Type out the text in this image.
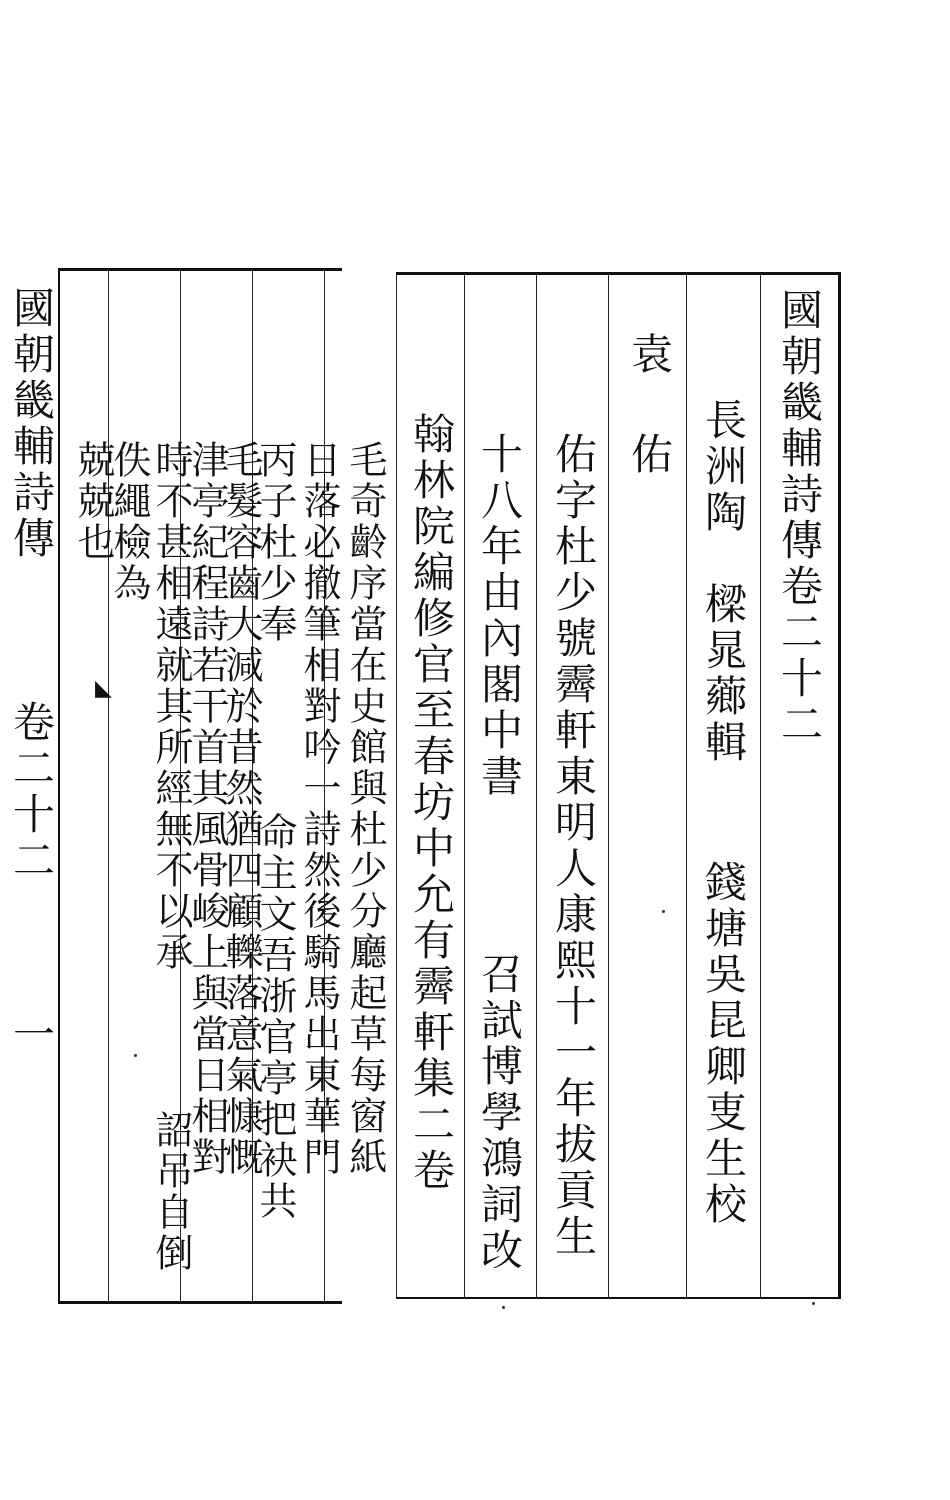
國朝畿輔詩傳卷二十二
長洲陶　樑晁薌輯
錢塘吳昆卿叓生校
袁
佑
佑字杜少號霽軒東明人康熙十一年拔貢生
十八年由內閣中書
召試博學鴻詞改
翰林院編修官至春坊中允有霽軒集二卷
毛奇齡序當在史館與杜少分廳起草每窗紙
日落必撤筆相對吟一詩然後騎馬出東華門
丙子杜少奉
命主文吾浙官亭把袂共
毛髮容齒大減於昔然猶四顧轢落意氣慷慨
津亭紀程詩若干首其風骨峻上與當日相對
時不甚相遠就其所經無不以承
詔吊自倒
佚繩檢為
兢兢也
國朝畿輔詩傳
◣
卷二十二
一
